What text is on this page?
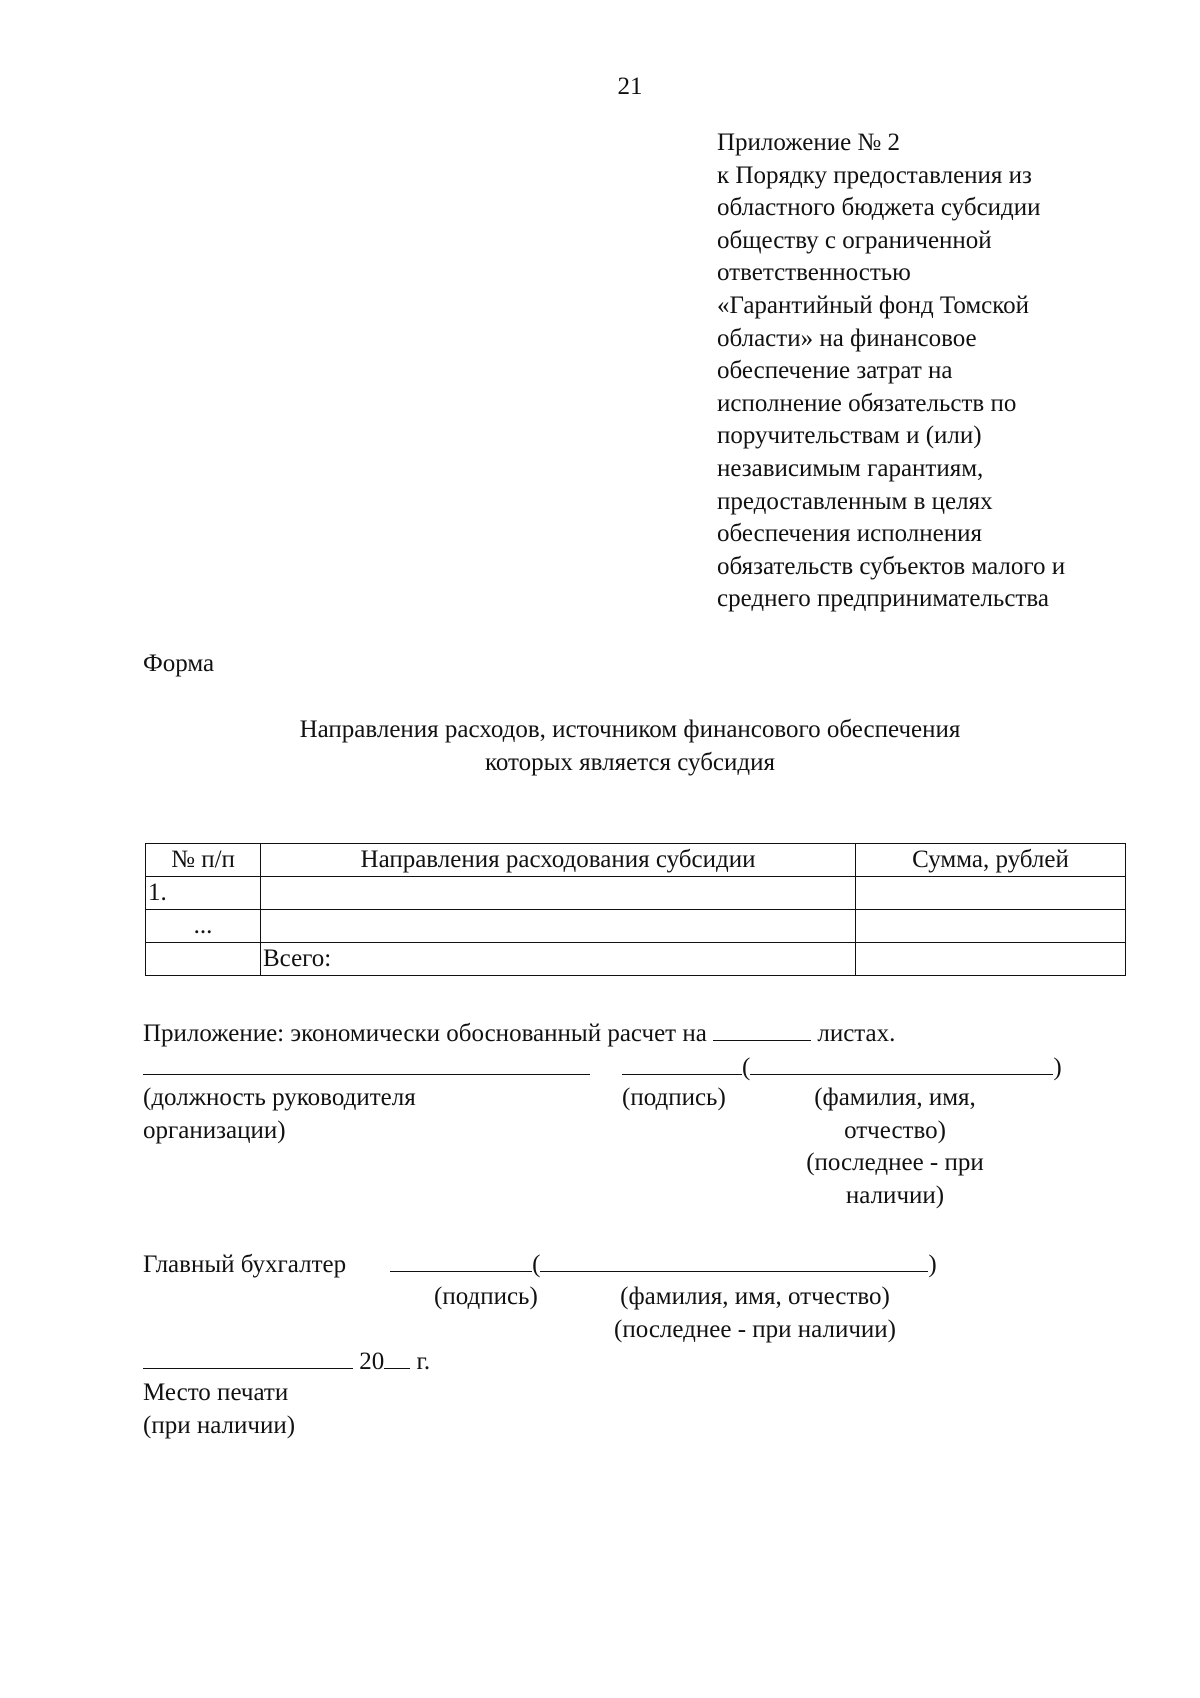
21
Приложение № 2
к Порядку предоставления из
областного бюджета субсидии
обществу с ограниченной
ответственностью
«Гарантийный фонд Томской
области» на финансовое
обеспечение затрат на
исполнение обязательств по
поручительствам и (или)
независимым гарантиям,
предоставленным в целях
обеспечения исполнения
обязательств субъектов малого и
среднего предпринимательства
Форма
Направления расходов, источником финансового обеспечения
которых является субсидия
№ п/п	Направления расходования субсидии	Сумма, рублей
1.		
...		
	Всего:	
Приложение: экономически обоснованный расчет на	листах.
(	)
(должность руководителя
организации)
(подпись)	(фамилия, имя, отчество) (последнее - при наличии)
Главный бухгалтер	(	)
(подпись)	(фамилия, имя, отчество)
(последнее - при наличии)
20 г.
Место печати
(при наличии)
